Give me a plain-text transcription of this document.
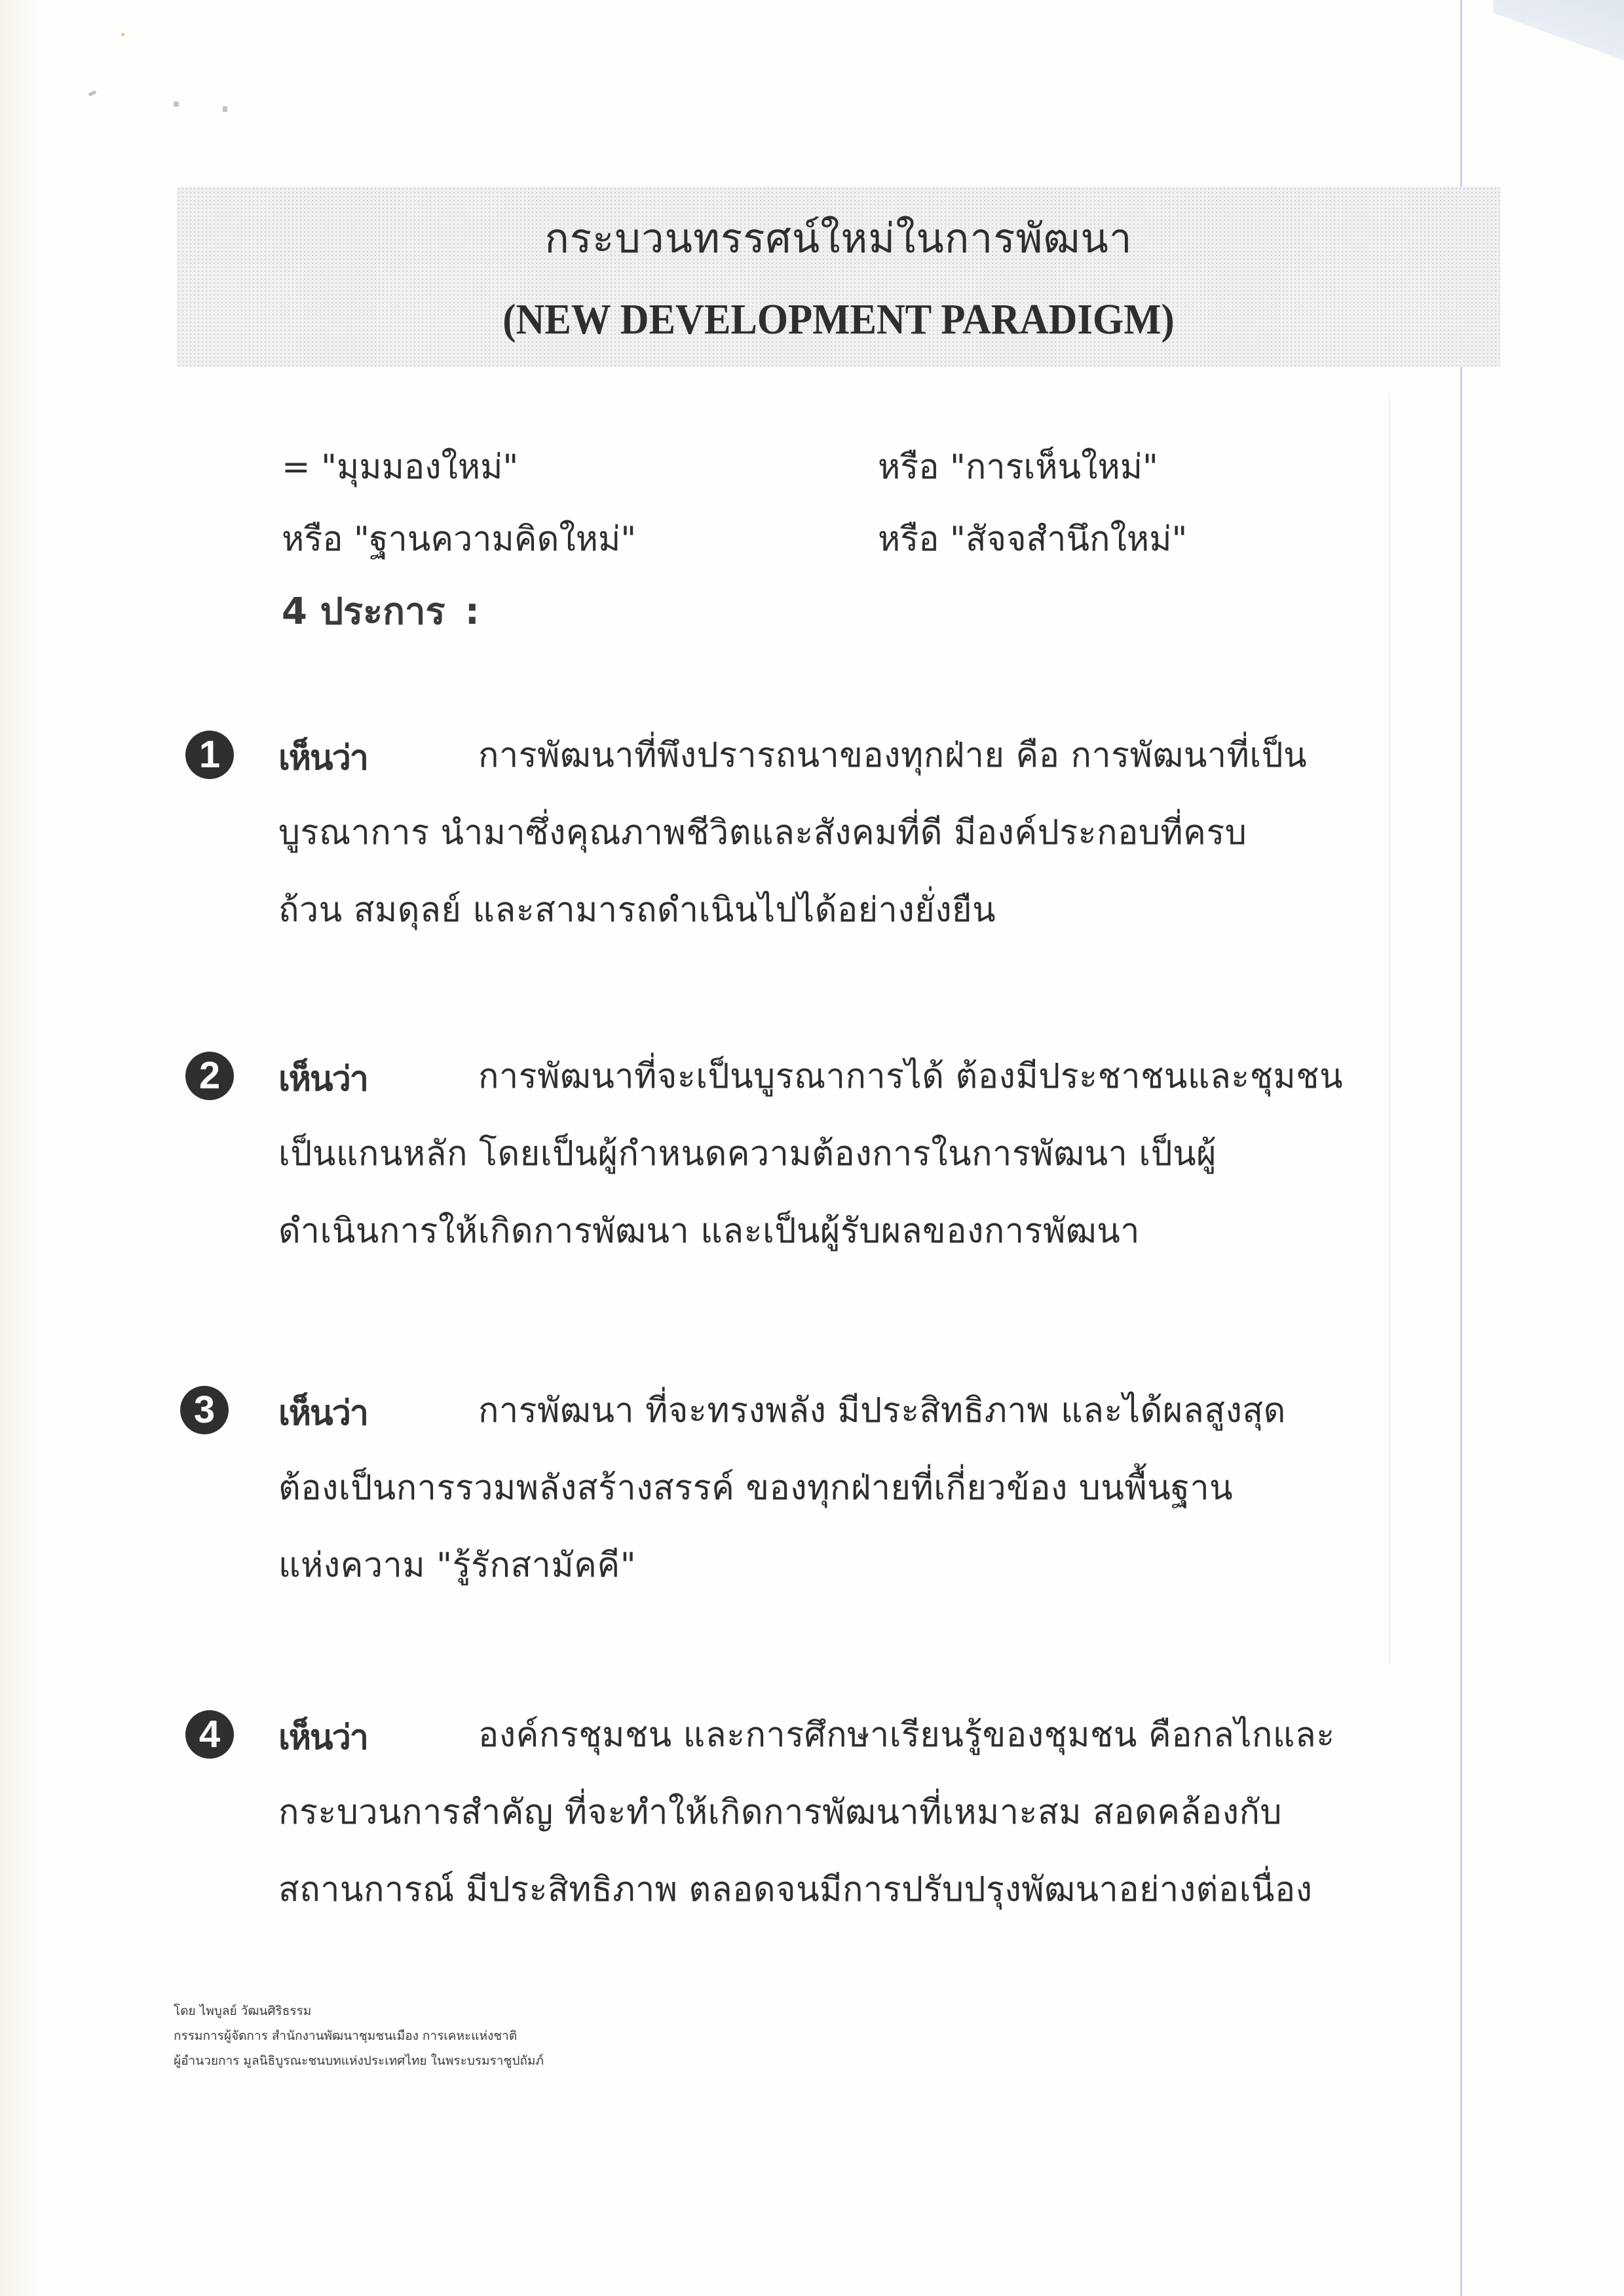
กระบวนทรรศน์ใหม่ในการพัฒนา
(NEW DEVELOPMENT PARADIGM)
= "มุมมองใหม่"	หรือ "การเห็นใหม่"
หรือ "ฐานความคิดใหม่"	หรือ "สัจจสำนึกใหม่"
4 ประการ :
1	เห็นว่า	การพัฒนาที่พึงปรารถนาของทุกฝ่าย คือ การพัฒนาที่เป็น
บูรณาการ นำมาซึ่งคุณภาพชีวิตและสังคมที่ดี มีองค์ประกอบที่ครบ
ถ้วน สมดุลย์ และสามารถดำเนินไปได้อย่างยั่งยืน
2	เห็นว่า	การพัฒนาที่จะเป็นบูรณาการได้ ต้องมีประชาชนและชุมชน
เป็นแกนหลัก โดยเป็นผู้กำหนดความต้องการในการพัฒนา เป็นผู้
ดำเนินการให้เกิดการพัฒนา และเป็นผู้รับผลของการพัฒนา
3	เห็นว่า	การพัฒนา ที่จะทรงพลัง มีประสิทธิภาพ และได้ผลสูงสุด
ต้องเป็นการรวมพลังสร้างสรรค์ ของทุกฝ่ายที่เกี่ยวข้อง บนพื้นฐาน
แห่งความ "รู้รักสามัคคี"
4	เห็นว่า	องค์กรชุมชน และการศึกษาเรียนรู้ของชุมชน คือกลไกและ
กระบวนการสำคัญ ที่จะทำให้เกิดการพัฒนาที่เหมาะสม สอดคล้องกับ
สถานการณ์ มีประสิทธิภาพ ตลอดจนมีการปรับปรุงพัฒนาอย่างต่อเนื่อง
โดย ไพบูลย์ วัฒนศิริธรรม
กรรมการผู้จัดการ สำนักงานพัฒนาชุมชนเมือง การเคหะแห่งชาติ
ผู้อำนวยการ มูลนิธิบูรณะชนบทแห่งประเทศไทย ในพระบรมราชูปถัมภ์
